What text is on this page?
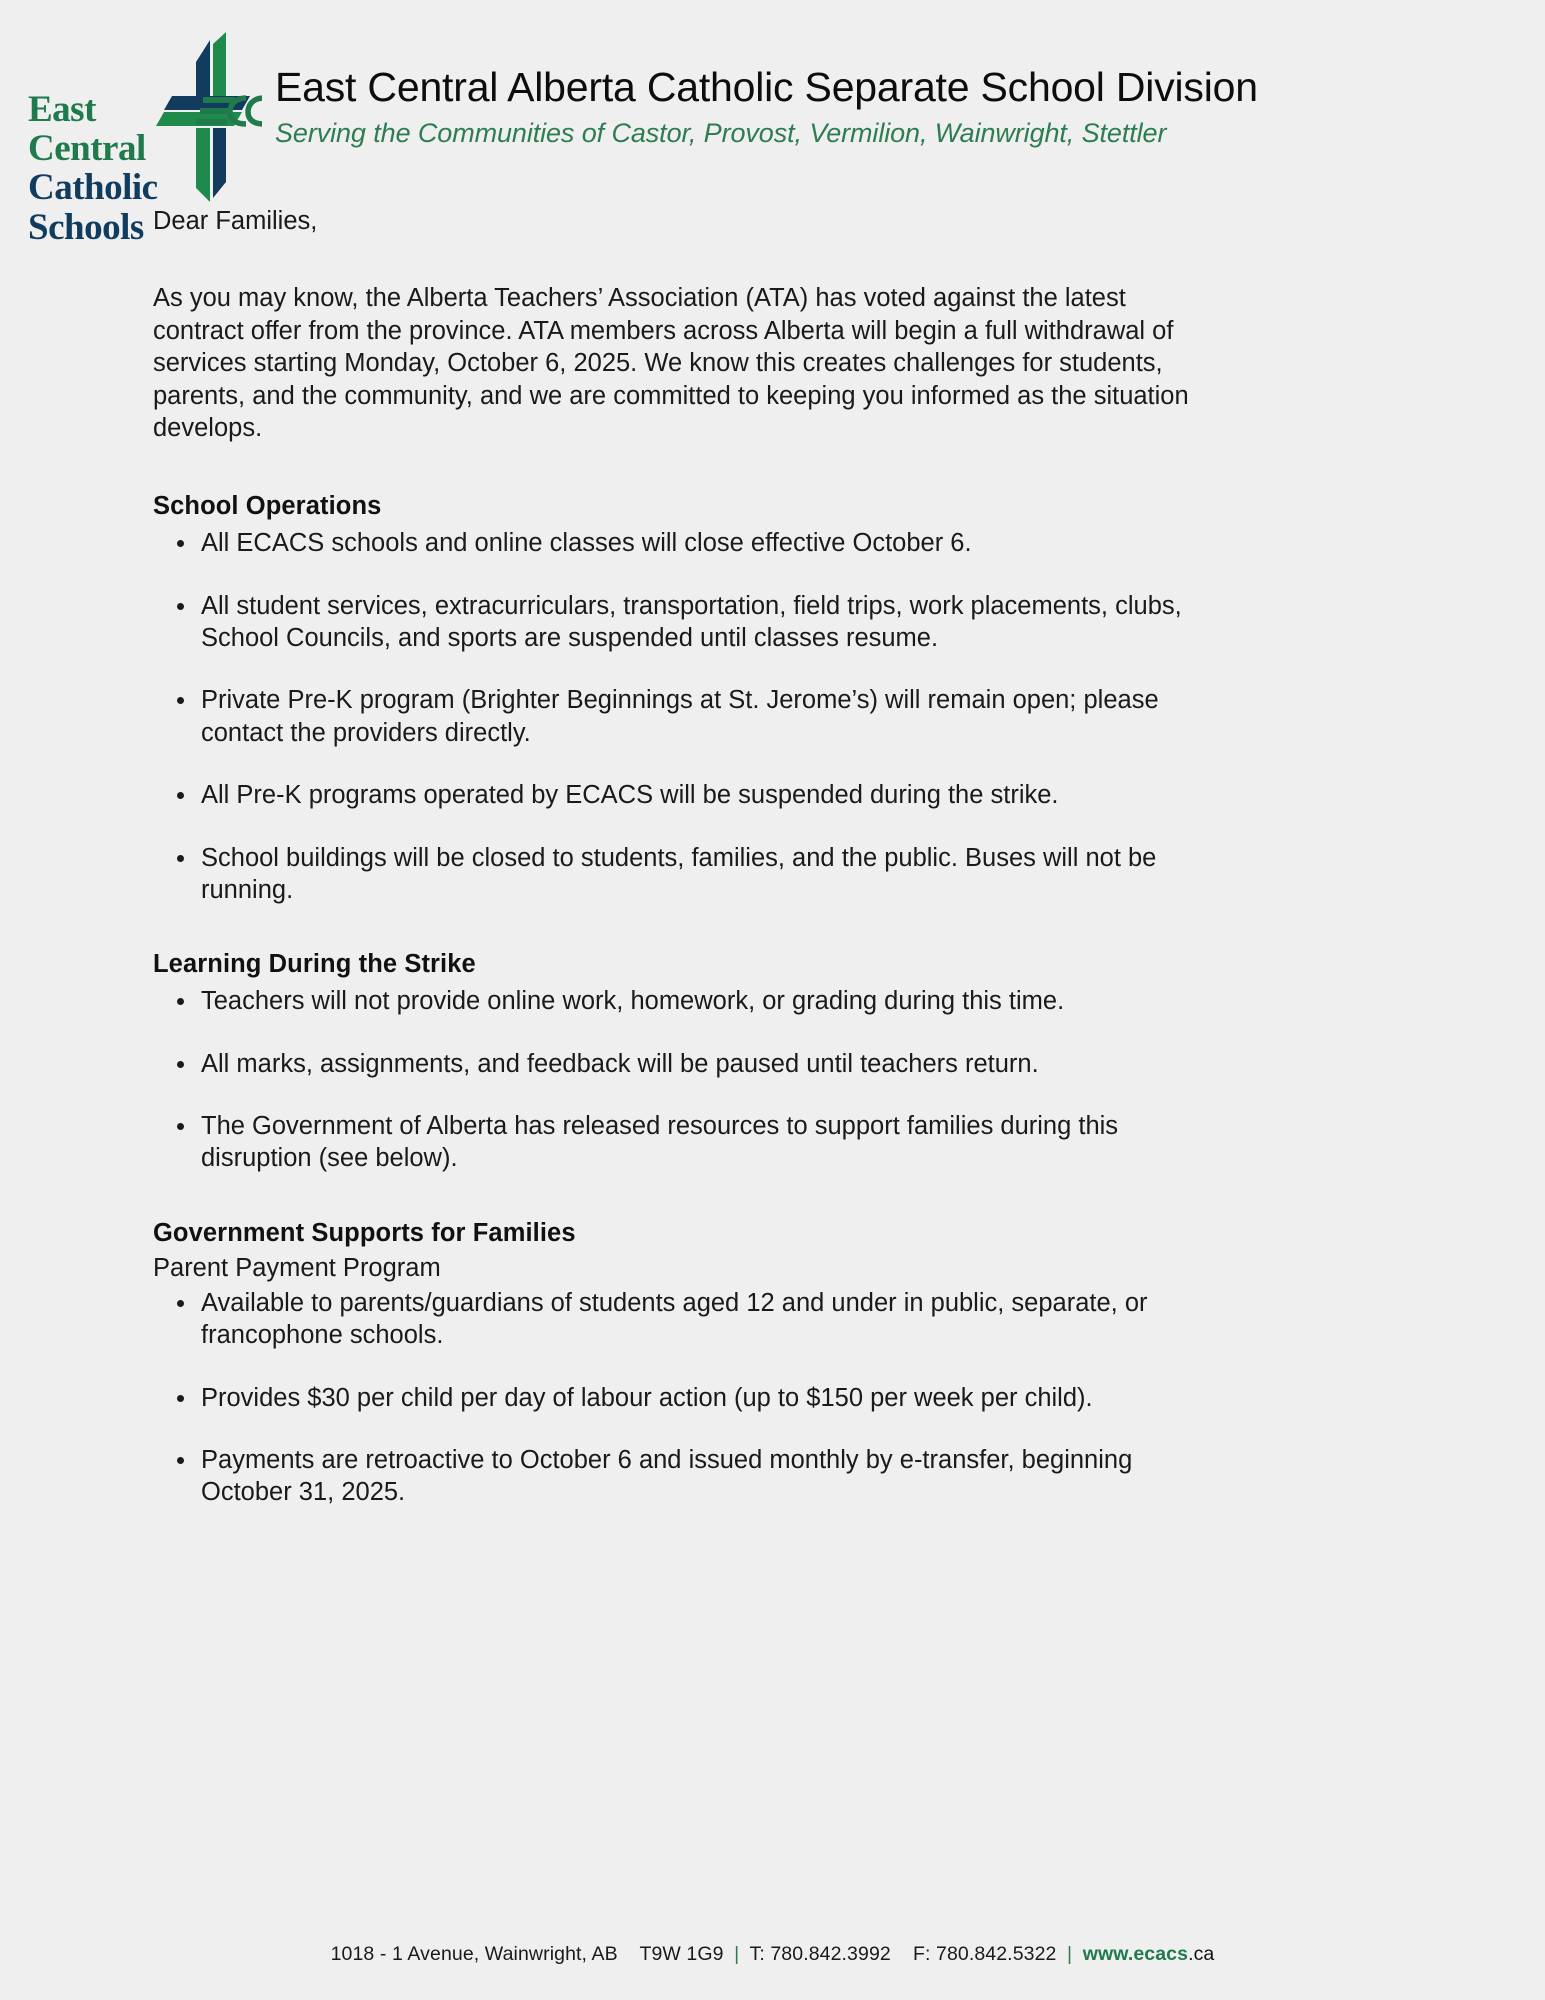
East
Central
Catholic
Schools
East Central Alberta Catholic Separate School Division
Serving the Communities of Castor, Provost, Vermilion, Wainwright, Stettler

Dear Families,

As you may know, the Alberta Teachers’ Association (ATA) has voted against the latest contract offer from the province. ATA members across Alberta will begin a full withdrawal of services starting Monday, October 6, 2025. We know this creates challenges for students, parents, and the community, and we are committed to keeping you informed as the situation develops.

School Operations
All ECACS schools and online classes will close effective October 6.
All student services, extracurriculars, transportation, field trips, work placements, clubs, School Councils, and sports are suspended until classes resume.
Private Pre-K program (Brighter Beginnings at St. Jerome’s) will remain open; please contact the providers directly.
All Pre-K programs operated by ECACS will be suspended during the strike.
School buildings will be closed to students, families, and the public. Buses will not be running.
Learning During the Strike
Teachers will not provide online work, homework, or grading during this time.
All marks, assignments, and feedback will be paused until teachers return.
The Government of Alberta has released resources to support families during this disruption (see below).
Government Supports for Families
Parent Payment Program
Available to parents/guardians of students aged 12 and under in public, separate, or francophone schools.
Provides $30 per child per day of labour action (up to $150 per week per child).
Payments are retroactive to October 6 and issued monthly by e-transfer, beginning October 31, 2025.
1018 - 1 Avenue, Wainwright, AB T9W 1G9 | T: 780.842.3992 F: 780.842.5322 | www.ecacs.ca
